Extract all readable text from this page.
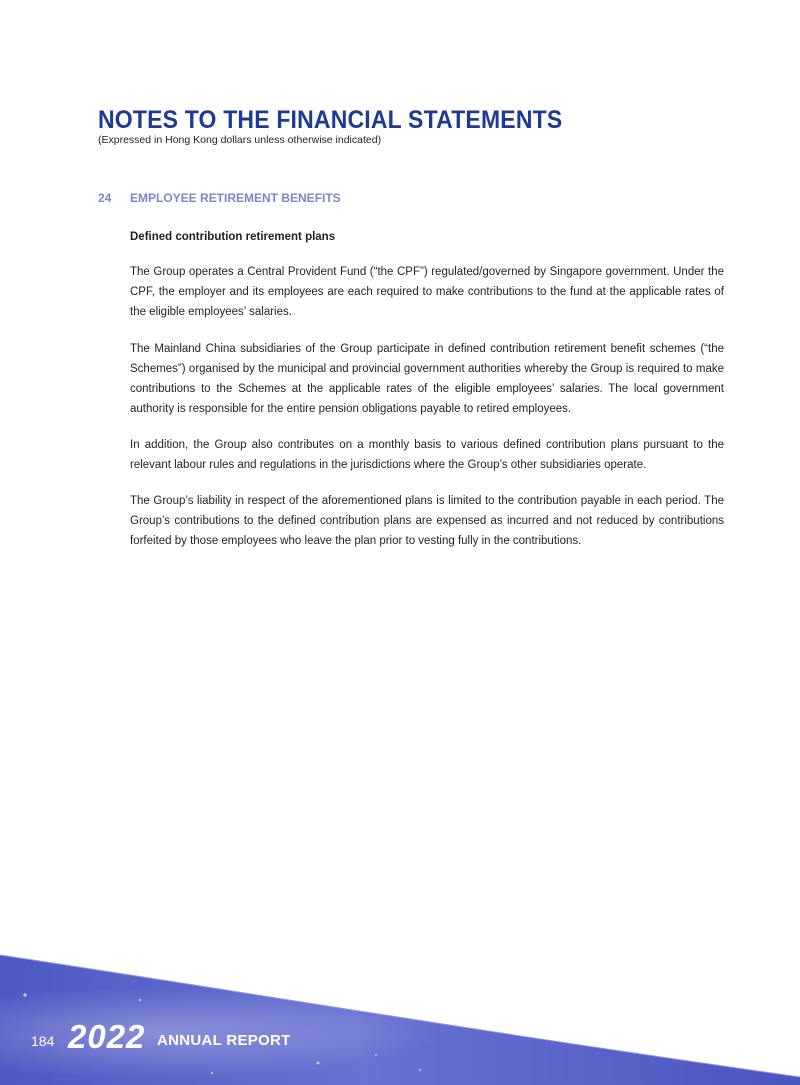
NOTES TO THE FINANCIAL STATEMENTS
(Expressed in Hong Kong dollars unless otherwise indicated)
24 EMPLOYEE RETIREMENT BENEFITS
Defined contribution retirement plans

The Group operates a Central Provident Fund (“the CPF”) regulated/governed by Singapore government. Under the CPF, the employer and its employees are each required to make contributions to the fund at the applicable rates of the eligible employees’ salaries.

The Mainland China subsidiaries of the Group participate in defined contribution retirement benefit schemes (“the Schemes”) organised by the municipal and provincial government authorities whereby the Group is required to make contributions to the Schemes at the applicable rates of the eligible employees’ salaries. The local government authority is responsible for the entire pension obligations payable to retired employees.

In addition, the Group also contributes on a monthly basis to various defined contribution plans pursuant to the relevant labour rules and regulations in the jurisdictions where the Group’s other subsidiaries operate.

The Group’s liability in respect of the aforementioned plans is limited to the contribution payable in each period. The Group’s contributions to the defined contribution plans are expensed as incurred and not reduced by contributions forfeited by those employees who leave the plan prior to vesting fully in the contributions.

184 2022 ANNUAL REPORT
